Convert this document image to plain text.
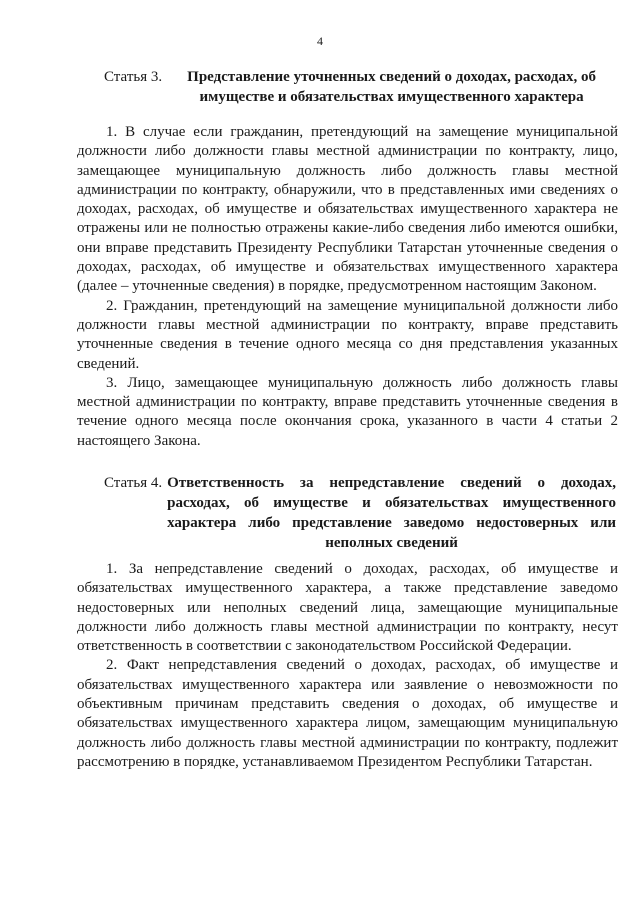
4
Статья 3.	Представление уточненных сведений о доходах, расходах, об имуществе и обязательствах имущественного характера

1. В случае если гражданин, претендующий на замещение муниципальной должности либо должности главы местной администрации по контракту, лицо, замещающее муниципальную должность либо должность главы местной администрации по контракту, обнаружили, что в представленных ими сведениях о доходах, расходах, об имуществе и обязательствах имущественного характера не отражены или не полностью отражены какие-либо сведения либо имеются ошибки, они вправе представить Президенту Республики Татарстан уточненные сведения о доходах, расходах, об имуществе и обязательствах имущественного характера (далее – уточненные сведения) в порядке, предусмотренном настоящим Законом.

2. Гражданин, претендующий на замещение муниципальной должности либо должности главы местной администрации по контракту, вправе представить уточненные сведения в течение одного месяца со дня представления указанных сведений.

3. Лицо, замещающее муниципальную должность либо должность главы местной администрации по контракту, вправе представить уточненные сведения в течение одного месяца после окончания срока, указанного в части 4 статьи 2 настоящего Закона.

Статья 4. Ответственность за непредставление сведений о доходах, расходах, об имуществе и обязательствах имущественного характера либо представление заведомо недостоверных или неполных сведений

1. За непредставление сведений о доходах, расходах, об имуществе и обязательствах имущественного характера, а также представление заведомо недостоверных или неполных сведений лица, замещающие муниципальные должности либо должность главы местной администрации по контракту, несут ответственность в соответствии с законодательством Российской Федерации.

2. Факт непредставления сведений о доходах, расходах, об имуществе и обязательствах имущественного характера или заявление о невозможности по объективным причинам представить сведения о доходах, об имуществе и обязательствах имущественного характера лицом, замещающим муниципальную должность либо должность главы местной администрации по контракту, подлежит рассмотрению в порядке, устанавливаемом Президентом Республики Татарстан.
